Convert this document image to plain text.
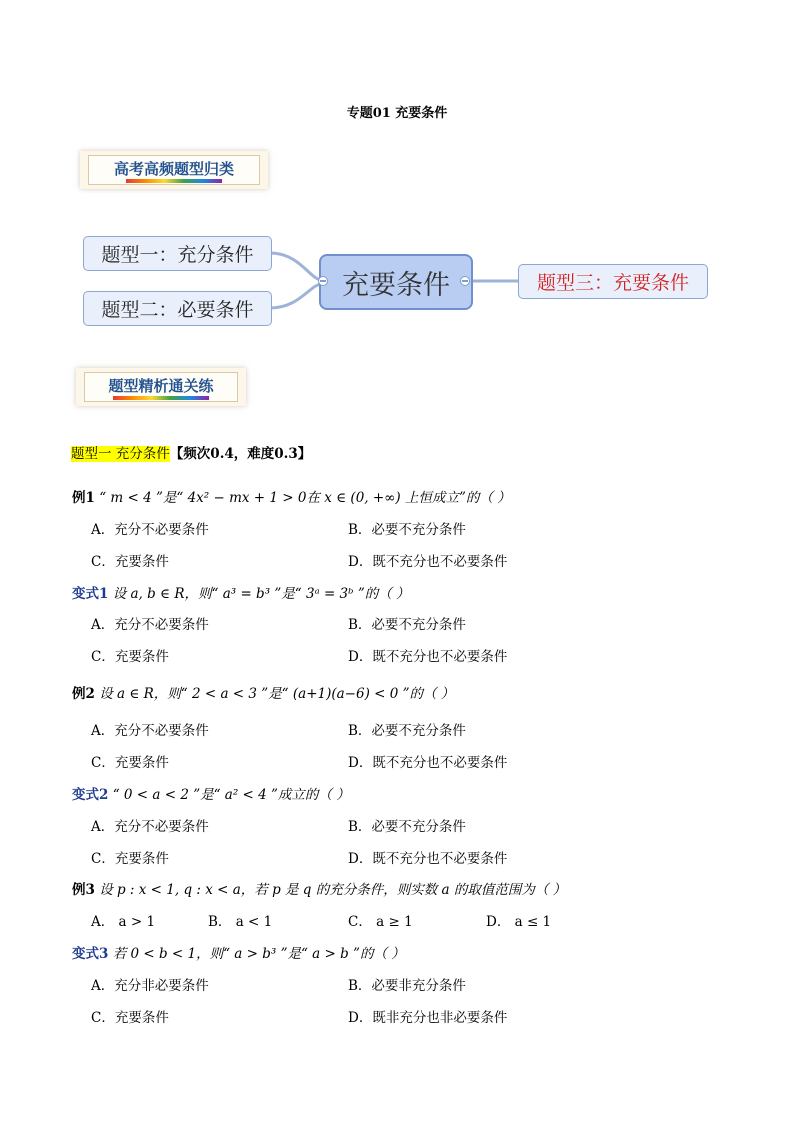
专题01 充要条件
高考高频题型归类
题型一：充分条件
题型二：必要条件
充要条件	题型三：充要条件
题型精析通关练
题型一 充分条件【频次0.4，难度0.3】
例1 “ m < 4 ”是“ 4x² − mx + 1 > 0在 x ∈ (0, +∞) 上恒成立”的（ ）
A．充分不必要条件	B．必要不充分条件
C．充要条件	D．既不充分也不必要条件
变式1 设 a, b ∈ R，则“ a³ = b³ ”是“ 3ᵃ = 3ᵇ ”的（ ）
A．充分不必要条件	B．必要不充分条件
C．充要条件	D．既不充分也不必要条件
例2 设 a ∈ R，则“ 2 < a < 3 ”是“ (a+1)(a−6) < 0 ”的（ ）
A．充分不必要条件	B．必要不充分条件
C．充要条件	D．既不充分也不必要条件
变式2 “ 0 < a < 2 ”是“ a² < 4 ”成立的（ ）
A．充分不必要条件	B．必要不充分条件
C．充要条件	D．既不充分也不必要条件
例3 设 p : x < 1, q : x < a，若 p 是 q 的充分条件，则实数 a 的取值范围为（ ）
A． a > 1	B． a < 1	C． a ≥ 1	D． a ≤ 1
变式3 若 0 < b < 1，则“ a > b³ ”是“ a > b ”的（ ）
A．充分非必要条件	B．必要非充分条件
C．充要条件	D．既非充分也非必要条件
